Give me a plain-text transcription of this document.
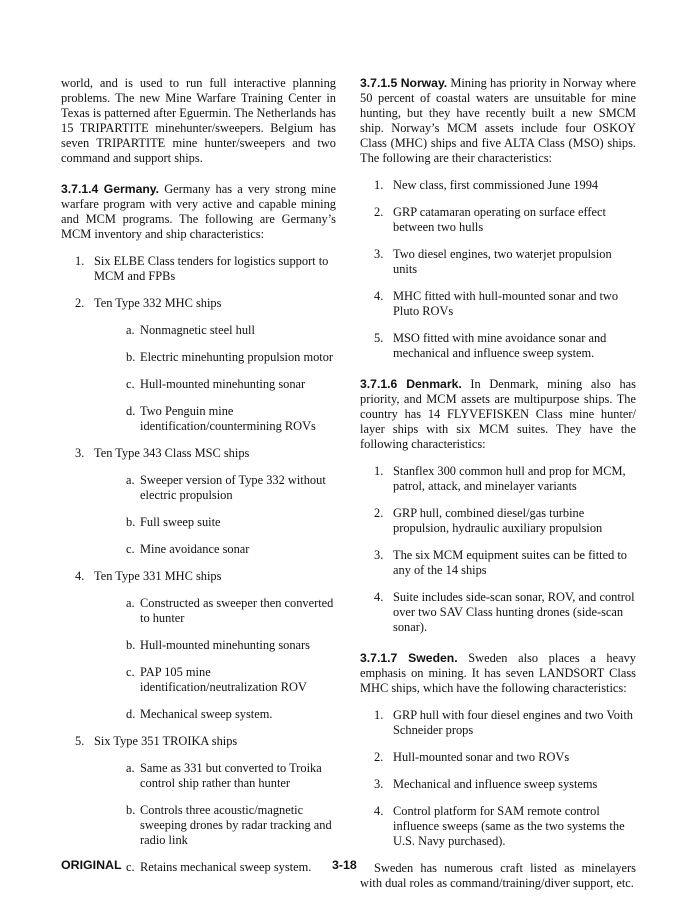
world, and is used to run full interactive planning problems. The new Mine Warfare Training Center in Texas is patterned after Eguermin. The Netherlands has 15 TRIPARTITE minehunter/sweepers. Belgium has seven TRIPARTITE mine hunter/sweepers and two command and support ships.

3.7.1.4 Germany. Germany has a very strong mine warfare program with very active and capable mining and MCM programs. The following are Germany’s MCM inventory and ship characteristics:

1. Six ELBE Class tenders for logistics support to MCM and FPBs
2. Ten Type 332 MHC ships
a. Nonmagnetic steel hull
b. Electric minehunting propulsion motor
c. Hull-mounted minehunting sonar
d. Two Penguin mine identification/countermining ROVs
3. Ten Type 343 Class MSC ships
a. Sweeper version of Type 332 without electric propulsion
b. Full sweep suite
c. Mine avoidance sonar
4. Ten Type 331 MHC ships
a. Constructed as sweeper then converted to hunter
b. Hull-mounted minehunting sonars
c. PAP 105 mine identification/neutralization ROV
d. Mechanical sweep system.
5. Six Type 351 TROIKA ships
a. Same as 331 but converted to Troika control ship rather than hunter
b. Controls three acoustic/magnetic sweeping drones by radar tracking and radio link
c. Retains mechanical sweep system.

3.7.1.5 Norway. Mining has priority in Norway where 50 percent of coastal waters are unsuitable for mine hunting, but they have recently built a new SMCM ship. Norway’s MCM assets include four OSKOY Class (MHC) ships and five ALTA Class (MSO) ships. The following are their characteristics:

1. New class, first commissioned June 1994
2. GRP catamaran operating on surface effect between two hulls
3. Two diesel engines, two waterjet propulsion units
4. MHC fitted with hull-mounted sonar and two Pluto ROVs
5. MSO fitted with mine avoidance sonar and mechanical and influence sweep system.

3.7.1.6 Denmark. In Denmark, mining also has priority, and MCM assets are multipurpose ships. The country has 14 FLYVEFISKEN Class mine hunter/ layer ships with six MCM suites. They have the following characteristics:

1. Stanflex 300 common hull and prop for MCM, patrol, attack, and minelayer variants
2. GRP hull, combined diesel/gas turbine propulsion, hydraulic auxiliary propulsion
3. The six MCM equipment suites can be fitted to any of the 14 ships
4. Suite includes side-scan sonar, ROV, and control over two SAV Class hunting drones (side-scan sonar).

3.7.1.7 Sweden. Sweden also places a heavy emphasis on mining. It has seven LANDSORT Class MHC ships, which have the following characteristics:

1. GRP hull with four diesel engines and two Voith Schneider props
2. Hull-mounted sonar and two ROVs
3. Mechanical and influence sweep systems
4. Control platform for SAM remote control influence sweeps (same as the two systems the U.S. Navy purchased).

Sweden has numerous craft listed as minelayers with dual roles as command/training/diver support, etc.

ORIGINAL	3-18
